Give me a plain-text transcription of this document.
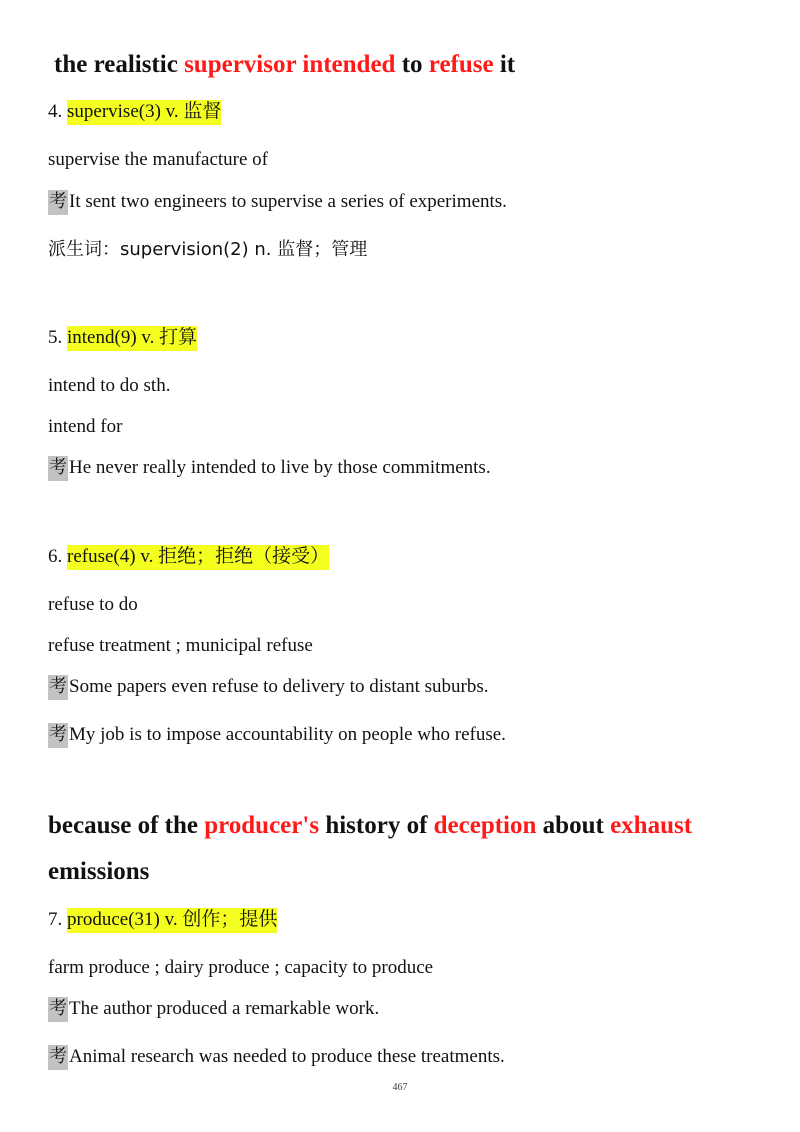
the realistic supervisor intended to refuse it
4. supervise(3) v. 监督
supervise the manufacture of
考 It sent two engineers to supervise a series of experiments.
派生词：supervision(2) n. 监督；管理
5. intend(9) v. 打算
intend to do sth.
intend for
考 He never really intended to live by those commitments.
6. refuse(4) v. 拒绝；拒绝（接受）
refuse to do
refuse treatment ; municipal refuse
考 Some papers even refuse to delivery to distant suburbs.
考 My job is to impose accountability on people who refuse.
because of the producer's history of deception about exhaust emissions
7. produce(31) v. 创作；提供
farm produce ; dairy produce ; capacity to produce
考 The author produced a remarkable work.
考 Animal research was needed to produce these treatments.
467
